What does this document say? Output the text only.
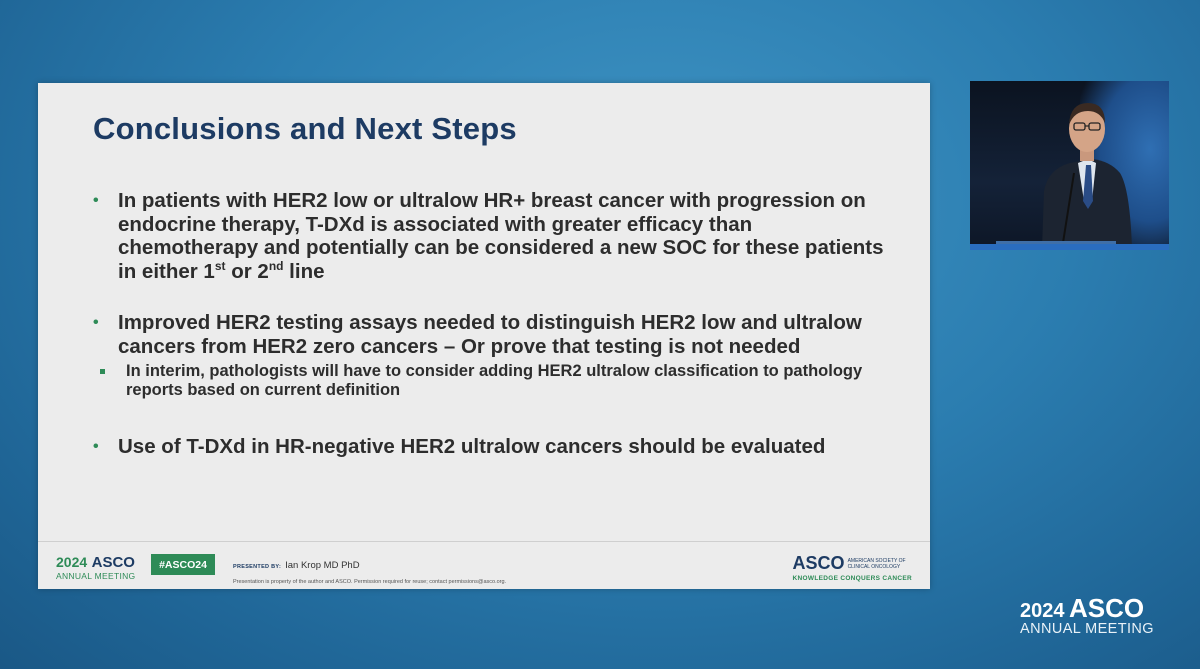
Conclusions and Next Steps
• In patients with HER2 low or ultralow HR+ breast cancer with progression on endocrine therapy, T-DXd is associated with greater efficacy than chemotherapy and potentially can be considered a new SOC for these patients in either 1st or 2nd line
• Improved HER2 testing assays needed to distinguish HER2 low and ultralow cancers from HER2 zero cancers – Or prove that testing is not needed
In interim, pathologists will have to consider adding HER2 ultralow classification to pathology reports based on current definition
• Use of T-DXd in HR-negative HER2 ultralow cancers should be evaluated
2024 ASCO
ANNUAL MEETING
#ASCO24	PRESENTED BY: Ian Krop MD PhD
Presentation is property of the author and ASCO. Permission required for reuse; contact permissions@asco.org.
ASCO AMERICAN SOCIETY OF CLINICAL ONCOLOGY
KNOWLEDGE CONQUERS CANCER
2024 ASCO
ANNUAL MEETING
